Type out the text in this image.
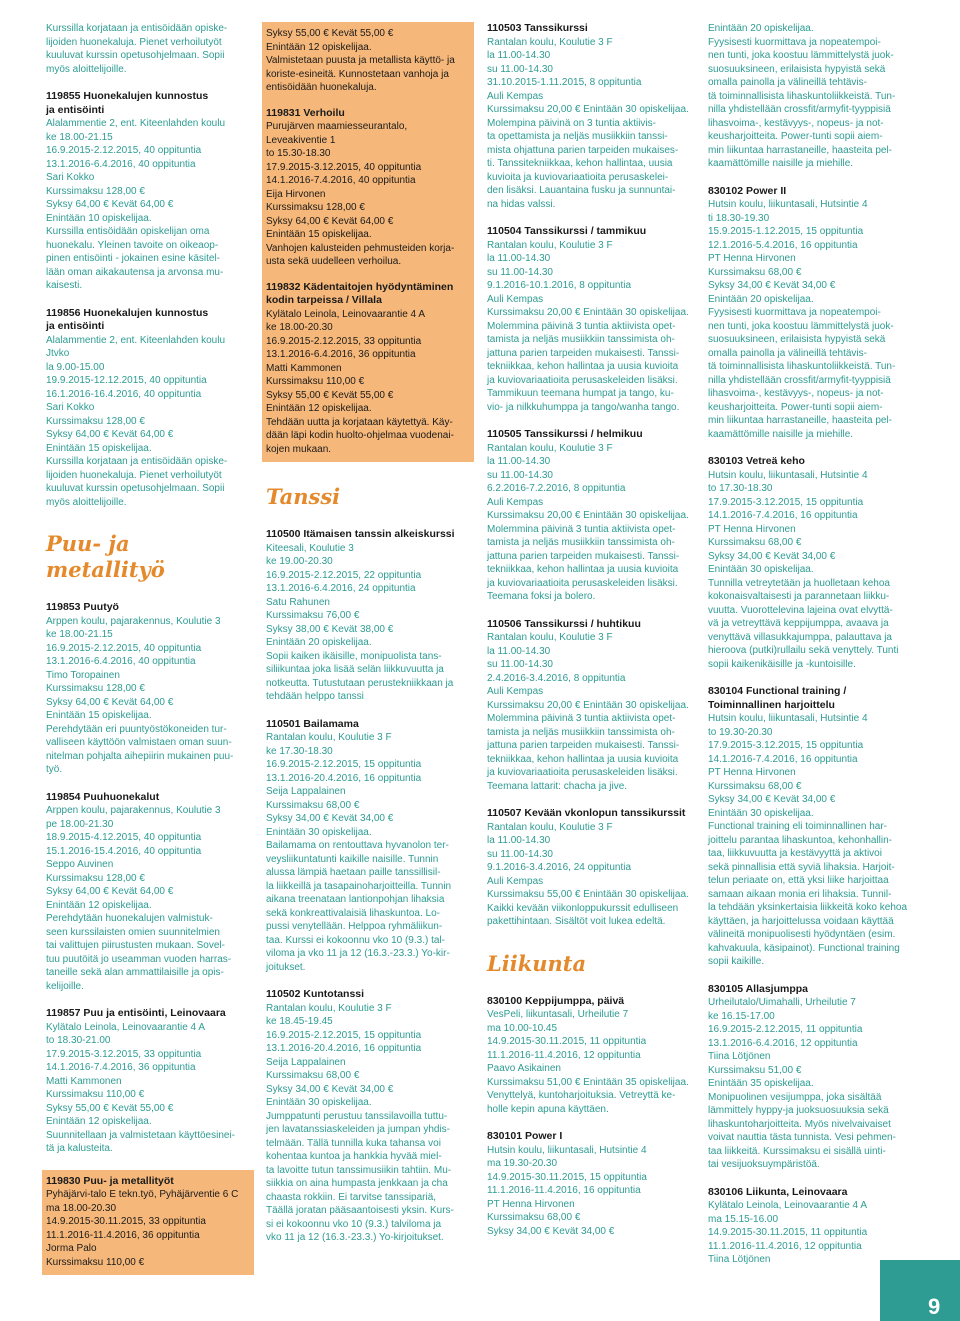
Kurssilla korjataan ja entisöidään opiske-
lijoiden huonekaluja. Pienet verhoilutyöt
kuuluvat kurssin opetusohjelmaan. Sopii
myös aloittelijoille.
119855 Huonekalujen kunnostus
ja entisöinti
Alalammentie 2, ent. Kiteenlahden koulu
ke 18.00-21.15
16.9.2015-2.12.2015, 40 oppituntia
13.1.2016-6.4.2016, 40 oppituntia
Sari Kokko
Kurssimaksu 128,00 €
Syksy 64,00 € Kevät 64,00 €
Enintään 10 opiskelijaa.
Kurssilla entisöidään opiskelijan oma
huonekalu. Yleinen tavoite on oikeaop-
pinen entisöinti - jokainen esine käsitel-
lään oman aikakautensa ja arvonsa mu-
kaisesti.
119856 Huonekalujen kunnostus
ja entisöinti
Alalammentie 2, ent. Kiteenlahden koulu
Jtvko
la 9.00-15.00
19.9.2015-12.12.2015, 40 oppituntia
16.1.2016-16.4.2016, 40 oppituntia
Sari Kokko
Kurssimaksu 128,00 €
Syksy 64,00 € Kevät 64,00 €
Enintään 15 opiskelijaa.
Kurssilla korjataan ja entisöidään opiske-
lijoiden huonekaluja. Pienet verhoilutyöt
kuuluvat kurssin opetusohjelmaan. Sopii
myös aloittelijoille.
Puu- ja metallityö
119853 Puutyö
Arppen koulu, pajarakennus, Koulutie 3
ke 18.00-21.15
16.9.2015-2.12.2015, 40 oppituntia
13.1.2016-6.4.2016, 40 oppituntia
Timo Toropainen
Kurssimaksu 128,00 €
Syksy 64,00 € Kevät 64,00 €
Enintään 15 opiskelijaa.
Perehdytään eri puuntyöstökoneiden tur-
valliseen käyttöön valmistaen oman suun-
nitelman pohjalta aihepiirin mukainen puu-
työ.
119854 Puuhuonekalut
Arppen koulu, pajarakennus, Koulutie 3
pe 18.00-21.30
18.9.2015-4.12.2015, 40 oppituntia
15.1.2016-15.4.2016, 40 oppituntia
Seppo Auvinen
Kurssimaksu 128,00 €
Syksy 64,00 € Kevät 64,00 €
Enintään 12 opiskelijaa.
Perehdytään huonekalujen valmistuk-
seen kurssilaisten omien suunnitelmien
tai valittujen piirustusten mukaan. Sovel-
tuu puutöitä jo useamman vuoden harras-
taneille sekä alan ammattilaisille ja opis-
kelijoille.
119857 Puu ja entisöinti, Leinovaara
Kylätalo Leinola, Leinovaarantie 4 A
to 18.30-21.00
17.9.2015-3.12.2015, 33 oppituntia
14.1.2016-7.4.2016, 36 oppituntia
Matti Kammonen
Kurssimaksu 110,00 €
Syksy 55,00 € Kevät 55,00 €
Enintään 12 opiskelijaa.
Suunnitellaan ja valmistetaan käyttöesinei-
tä ja kalusteita.
119830 Puu- ja metallityöt
Pyhäjärvi-talo E tekn.työ, Pyhäjärventie 6 C
ma 18.00-20.30
14.9.2015-30.11.2015, 33 oppituntia
11.1.2016-11.4.2016, 36 oppituntia
Jorma Palo
Kurssimaksu 110,00 €
Syksy 55,00 € Kevät 55,00 €
Enintään 12 opiskelijaa.
Valmistetaan puusta ja metallista käyttö- ja
koriste-esineitä. Kunnostetaan vanhoja ja
entisöidään huonekaluja.
119831 Verhoilu
Purujärven maamiesseurantalo,
Leveakiventie 1
to 15.30-18.30
17.9.2015-3.12.2015, 40 oppituntia
14.1.2016-7.4.2016, 40 oppituntia
Eija Hirvonen
Kurssimaksu 128,00 €
Syksy 64,00 € Kevät 64,00 €
Enintään 15 opiskelijaa.
Vanhojen kalusteiden pehmusteiden korja-
usta sekä uudelleen verhoilua.
119832 Kädentaitojen hyödyntäminen
kodin tarpeissa / Villala
Kylätalo Leinola, Leinovaarantie 4 A
ke 18.00-20.30
16.9.2015-2.12.2015, 33 oppituntia
13.1.2016-6.4.2016, 36 oppituntia
Matti Kammonen
Kurssimaksu 110,00 €
Syksy 55,00 € Kevät 55,00 €
Enintään 12 opiskelijaa.
Tehdään uutta ja korjataan käytettyä. Käy-
dään läpi kodin huolto-ohjelmaa vuodenai-
kojen mukaan.
Tanssi
110500 Itämaisen tanssin alkeiskurssi
Kiteesali, Koulutie 3
ke 19.00-20.30
16.9.2015-2.12.2015, 22 oppituntia
13.1.2016-6.4.2016, 24 oppituntia
Satu Rahunen
Kurssimaksu 76,00 €
Syksy 38,00 € Kevät 38,00 €
Enintään 20 opiskelijaa.
Sopii kaiken ikäisille, monipuolista tans-
siliikuntaa joka lisää selän liikkuvuutta ja
notkeutta. Tutustutaan perustekniikkaan ja
tehdään helppo tanssi
110501 Bailamama
Rantalan koulu, Koulutie 3 F
ke 17.30-18.30
16.9.2015-2.12.2015, 15 oppituntia
13.1.2016-20.4.2016, 16 oppituntia
Seija Lappalainen
Kurssimaksu 68,00 €
Syksy 34,00 € Kevät 34,00 €
Enintään 30 opiskelijaa.
Bailamama on rentouttava hyvanolon ter-
veysliikuntatunti kaikille naisille. Tunnin
alussa lämpiä haetaan paille tanssillisil-
la liikkeillä ja tasapainoharjoitteilla. Tunnin
aikana treenataan lantionpohjan lihaksia
sekä konkreattivalaisiä lihaskuntoa. Lo-
pussi venytellään. Helppoa ryhmäliikun-
taa. Kurssi ei kokoonnu vko 10 (9.3.) tal-
viloma ja vko 11 ja 12 (16.3.-23.3.) Yo-kir-
joitukset.
110502 Kuntotanssi
Rantalan koulu, Koulutie 3 F
ke 18.45-19.45
16.9.2015-2.12.2015, 15 oppituntia
13.1.2016-20.4.2016, 16 oppituntia
Seija Lappalainen
Kurssimaksu 68,00 €
Syksy 34,00 € Kevät 34,00 €
Enintään 30 opiskelijaa.
Jumppatunti perustuu tanssilavoilla tuttu-
jen lavatanssiaskeleiden ja jumpan yhdis-
telmään. Tällä tunnilla kuka tahansa voi
kohentaa kuntoa ja hankkia hyvää miel-
ta lavoitte tutun tanssimusiikin tahtiin. Mu-
siikkia on aina humpasta jenkkaan ja cha
chaasta rokkiin. Ei tarvitse tanssipariä,
Täällä joratan pääsaantoisesti yksin. Kurs-
si ei kokoonnu vko 10 (9.3.) talviloma ja
vko 11 ja 12 (16.3.-23.3.) Yo-kirjoitukset.
110503 Tanssikurssi
Rantalan koulu, Koulutie 3 F
la 11.00-14.30
su 11.00-14.30
31.10.2015-1.11.2015, 8 oppituntia
Auli Kempas
Kurssimaksu 20,00 € Enintään 30 opiskelijaa.
Molempina päivinä on 3 tuntia aktiivis-
ta opettamista ja neljäs musiikkiin tanssi-
mista ohjattuna parien tarpeiden mukaises-
ti. Tanssitekniikkaa, kehon hallintaa, uusia
kuvioita ja kuviovariaatioita perusaskelei-
den lisäksi. Lauantaina fusku ja sunnuntai-
na hidas valssi.
110504 Tanssikurssi / tammikuu
Rantalan koulu, Koulutie 3 F
la 11.00-14.30
su 11.00-14.30
9.1.2016-10.1.2016, 8 oppituntia
Auli Kempas
Kurssimaksu 20,00 € Enintään 30 opiskelijaa.
Molemmina päivinä 3 tuntia aktiivista opet-
tamista ja neljäs musiikkiin tanssimista oh-
jattuna parien tarpeiden mukaisesti. Tanssi-
tekniikkaa, kehon hallintaa ja uusia kuvioita
ja kuviovariaatioita perusaskeleiden lisäksi.
Tammikuun teemana humpat ja tango, ku-
vio- ja nilkkuhumppa ja tango/wanha tango.
110505 Tanssikurssi / helmikuu
Rantalan koulu, Koulutie 3 F
la 11.00-14.30
su 11.00-14.30
6.2.2016-7.2.2016, 8 oppituntia
Auli Kempas
Kurssimaksu 20,00 € Enintään 30 opiskelijaa.
Molemmina päivinä 3 tuntia aktiivista opet-
tamista ja neljäs musiikkiin tanssimista oh-
jattuna parien tarpeiden mukaisesti. Tanssi-
tekniikkaa, kehon hallintaa ja uusia kuvioita
ja kuviovariaatioita perusaskeleiden lisäksi.
Teemana foksi ja bolero.
110506 Tanssikurssi / huhtikuu
Rantalan koulu, Koulutie 3 F
la 11.00-14.30
su 11.00-14.30
2.4.2016-3.4.2016, 8 oppituntia
Auli Kempas
Kurssimaksu 20,00 € Enintään 30 opiskelijaa.
Molemmina päivinä 3 tuntia aktiivista opet-
tamista ja neljäs musiikkiin tanssimista oh-
jattuna parien tarpeiden mukaisesti. Tanssi-
tekniikkaa, kehon hallintaa ja uusia kuvioita
ja kuviovariaatioita perusaskeleiden lisäksi.
Teemana lattarit: chacha ja jive.
110507 Kevään vkonlopun tanssikurssit
Rantalan koulu, Koulutie 3 F
la 11.00-14.30
su 11.00-14.30
9.1.2016-3.4.2016, 24 oppituntia
Auli Kempas
Kurssimaksu 55,00 € Enintään 30 opiskelijaa.
Kaikki kevään viikonloppukurssit edulliseen
pakettihintaan. Sisältöt voit lukea edeltä.
Liikunta
830100 Keppijumppa, päivä
VesPeli, liikuntasali, Urheilutie 7
ma 10.00-10.45
14.9.2015-30.11.2015, 11 oppituntia
11.1.2016-11.4.2016, 12 oppituntia
Paavo Asikainen
Kurssimaksu 51,00 € Enintään 35 opiskelijaa.
Venyttelyä, kuntoharjoituksia. Vetreyttä ke-
holle kepin apuna käyttäen.
830101 Power I
Hutsin koulu, liikuntasali, Hutsintie 4
ma 19.30-20.30
14.9.2015-30.11.2015, 15 oppituntia
11.1.2016-11.4.2016, 16 oppituntia
PT Henna Hirvonen
Kurssimaksu 68,00 €
Syksy 34,00 € Kevät 34,00 €
Enintään 20 opiskelijaa.
Fyysisesti kuormittava ja nopeatempoi-
nen tunti, joka koostuu lämmittelystä juok-
suosuuksineen, erilaisista hypyistä sekä
omalla painolla ja välineillä tehtävis-
tä toiminnallisista lihaskuntoliikkeistä. Tun-
nilla yhdistellään crossfit/armyfit-tyyppisiä
lihasvoima-, kestävyys-, nopeus- ja not-
keusharjoitteita. Power-tunti sopii aiem-
min liikuntaa harrastaneille, haasteita pel-
kaamättömille naisille ja miehille.
830102 Power II
Hutsin koulu, liikuntasali, Hutsintie 4
ti 18.30-19.30
15.9.2015-1.12.2015, 15 oppituntia
12.1.2016-5.4.2016, 16 oppituntia
PT Henna Hirvonen
Kurssimaksu 68,00 €
Syksy 34,00 € Kevät 34,00 €
Enintään 20 opiskelijaa.
Fyysisesti kuormittava ja nopeatempoi-
nen tunti, joka koostuu lämmittelystä juok-
suosuuksineen, erilaisista hypyistä sekä
omalla painolla ja välineillä tehtävis-
tä toiminnallisista lihaskuntoliikkeistä. Tun-
nilla yhdistellään crossfit/armyfit-tyyppisiä
lihasvoima-, kestävyys-, nopeus- ja not-
keusharjoitteita. Power-tunti sopii aiem-
min liikuntaa harrastaneille, haasteita pel-
kaamättömille naisille ja miehille.
830103 Vetreä keho
Hutsin koulu, liikuntasali, Hutsintie 4
to 17.30-18.30
17.9.2015-3.12.2015, 15 oppituntia
14.1.2016-7.4.2016, 16 oppituntia
PT Henna Hirvonen
Kurssimaksu 68,00 €
Syksy 34,00 € Kevät 34,00 €
Enintään 30 opiskelijaa.
Tunnilla vetreytetään ja huolletaan kehoa
kokonaisvaltaisesti ja parannetaan liikku-
vuutta. Vuorottelevina lajeina ovat elvyttä-
vä ja vetreyttävä keppijumppa, avaava ja
venyttävä villasukkajumppa, palauttava ja
hieroova (putki)rullailu sekä venyttely. Tunti
sopii kaikenikäisille ja -kuntoisille.
830104 Functional training /
Toiminnallinen harjoittelu
Hutsin koulu, liikuntasali, Hutsintie 4
to 19.30-20.30
17.9.2015-3.12.2015, 15 oppituntia
14.1.2016-7.4.2016, 16 oppituntia
PT Henna Hirvonen
Kurssimaksu 68,00 €
Syksy 34,00 € Kevät 34,00 €
Enintään 30 opiskelijaa.
Functional training eli toiminnallinen har-
joittelu parantaa lihaskuntoa, kehonhallin-
taa, liikkuvuutta ja kestävyyttä ja aktivoi
sekä pinnallisia että syviä lihaksia. Harjoit-
telun periaate on, että yksi liike harjoittaa
samaan aikaan monia eri lihaksia. Tunnil-
la tehdään yksinkertaisia liikkeitä koko kehoa
käyttäen, ja harjoittelussa voidaan käyttää
välineitä monipuolisesti hyödyntäen (esim.
kahvakuula, käsipainot). Functional training
sopii kaikille.
830105 Allasjumppa
Urheilutalo/Uimahalli, Urheilutie 7
ke 16.15-17.00
16.9.2015-2.12.2015, 11 oppituntia
13.1.2016-6.4.2016, 12 oppituntia
Tiina Lötjönen
Kurssimaksu 51,00 €
Enintään 35 opiskelijaa.
Monipuolinen vesijumppa, joka sisältää
lämmittely hyppy-ja juoksuosuuksia sekä
lihaskuntoharjoitteita. Myös nivelvaivaiset
voivat nauttia tästa tunnista. Vesi pehmen-
taa liikkeitä. Kurssimaksu ei sisällä uinti-
tai vesijuoksuympäristöä.
830106 Liikunta, Leinovaara
Kylätalo Leinola, Leinovaarantie 4 A
ma 15.15-16.00
14.9.2015-30.11.2015, 11 oppituntia
11.1.2016-11.4.2016, 12 oppituntia
Tiina Lötjönen
9
